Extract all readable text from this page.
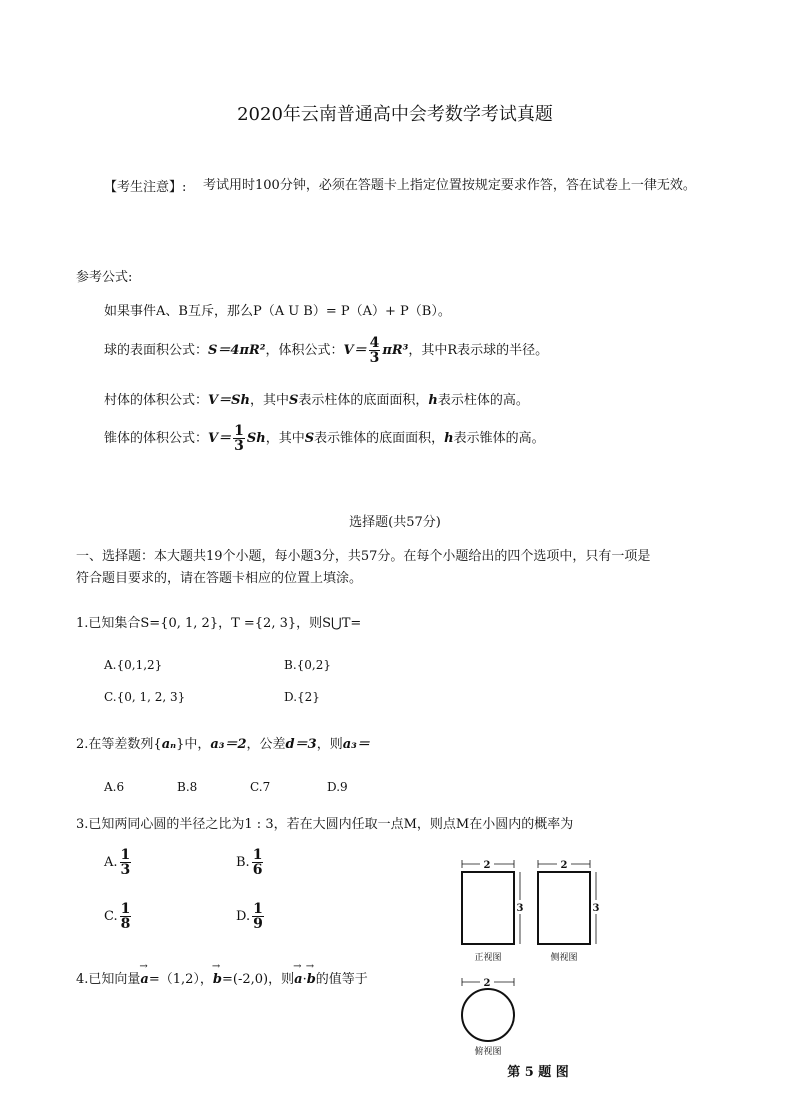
2020年云南普通高中会考数学考试真题
【考生注意】: 考试用时100分钟，必须在答题卡上指定位置按规定要求作答，答在试卷上一律无效。
参考公式:
如果事件A、B互斥，那么P（A U B）= P（A）+ P（B）。
球的表面积公式：S＝4πR²，体积公式：$V= \frac{4}{3} \pi R^3$，其中R表示球的半径。
村体的体积公式：V＝Sh，其中S表示柱体的底面面积，h表示柱体的高。
锥体的体积公式：$V= \frac{1}{3}$ Sh，其中S表示锥体的底面面积，h表示锥体的高。
选择题(共57分)
一、选择题：本大题共19个小题，每小题3分，共57分。在每个小题给出的四个选项中，只有一项是
符合题目要求的，请在答题卡相应的位置上填涂。
1.已知集合S={0, 1, 2}，T ={2, 3}，则S⋃T=
A.{0,1,2}	B.{0,2}
C.{0, 1, 2, 3}	D.{2}
2.在等差数列{aₙ}中，a₃＝2，公差d＝3，则a₃＝
A.6	B.8	C.7	D.9
3.已知两同心圆的半径之比为1 : 3，若在大圆内任取一点M，则点M在小圆内的概率为
A. $\frac{1}{3}$	B. $\frac{1}{6}$
C. $\frac{1}{8}$	D. $\frac{1}{9}$
4.已知向量→ a=（1,2），→ b=(-2,0)，则→ a·→ b的值等于
2
3
正视图
2
3
侧视图
2
俯视图
第 5 题 图
